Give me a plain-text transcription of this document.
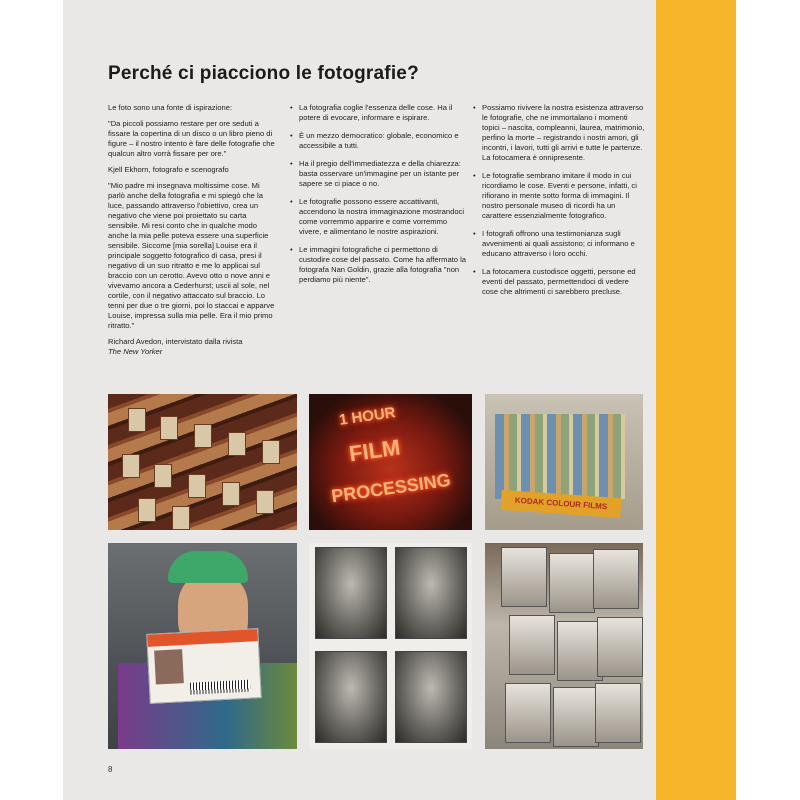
Perché ci piacciono le fotografie?

Le foto sono una fonte di ispirazione:

"Da piccoli possiamo restare per ore seduti a fissare la copertina di un disco o un libro pieno di figure – il nostro intento è fare delle fotografie che qualcun altro vorrà fissare per ore."

Kjell Ekhorn, fotografo e scenografo

"Mio padre mi insegnava moltissime cose. Mi parlò anche della fotografia e mi spiegò che la luce, passando attraverso l'obiettivo, crea un negativo che viene poi proiettato su carta sensibile. Mi resi conto che in qualche modo anche la mia pelle poteva essere una superficie sensibile. Siccome [mia sorella] Louise era il principale soggetto fotografico di casa, presi il negativo di un suo ritratto e me lo applicai sul braccio con un cerotto. Avevo otto o nove anni e vivevamo ancora a Cederhurst; uscii al sole, nel cortile, con il negativo attaccato sul braccio. Lo tenni per due o tre giorni, poi lo staccai e apparve Louise, impressa sulla mia pelle. Era il mio primo ritratto."

Richard Avedon, intervistato dalla rivista
The New Yorker

• La fotografia coglie l'essenza delle cose. Ha il potere di evocare, informare e ispirare.
• È un mezzo democratico: globale, economico e accessibile a tutti.
• Ha il pregio dell'immediatezza e della chiarezza: basta osservare un'immagine per un istante per sapere se ci piace o no.
• Le fotografie possono essere accattivanti, accendono la nostra immaginazione mostrandoci come vorremmo apparire e come vorremmo vivere, e alimentano le nostre aspirazioni.
• Le immagini fotografiche ci permettono di custodire cose del passato. Come ha affermato la fotografa Nan Goldin, grazie alla fotografia "non perdiamo più niente".
• Possiamo rivivere la nostra esistenza attraverso le fotografie, che ne immortalano i momenti topici – nascita, compleanni, laurea, matrimonio, perfino la morte – registrando i nostri amori, gli incontri, i lavori, tutti gli arrivi e tutte le partenze. La fotocamera è onnipresente.
• Le fotografie sembrano imitare il modo in cui ricordiamo le cose. Eventi e persone, infatti, ci rifiorano in mente sotto forma di immagini. Il nostro personale museo di ricordi ha un carattere essenzialmente fotografico.
• I fotografi offrono una testimonianza sugli avvenimenti ai quali assistono; ci informano e educano attraverso i loro occhi.
• La fotocamera custodisce oggetti, persone ed eventi del passato, permettendoci di vedere cose che altrimenti ci sarebbero precluse.
1 HOUR
FILM
PROCESSING	KODAK COLOUR FILMS
8
